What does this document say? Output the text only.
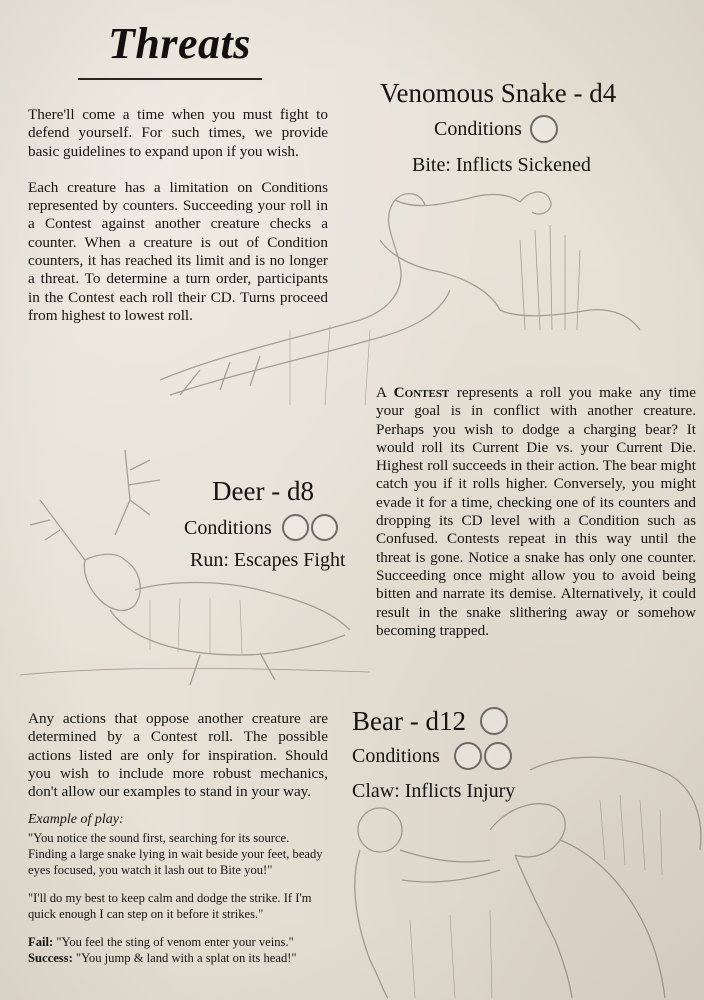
Threats

There'll come a time when you must fight to defend yourself. For such times, we provide basic guidelines to expand upon if you wish.

Each creature has a limitation on Conditions represented by counters. Succeeding your roll in a Contest against another creature checks a counter. When a creature is out of Condition counters, it has reached its limit and is no longer a threat. To determine a turn order, participants in the Contest each roll their CD. Turns proceed from highest to lowest roll.

Venomous Snake - d4
Conditions
Bite: Inflicts Sickened

A Contest represents a roll you make any time your goal is in conflict with another creature. Perhaps you wish to dodge a charging bear? It would roll its Current Die vs. your Current Die. Highest roll succeeds in their action. The bear might catch you if it rolls higher. Conversely, you might evade it for a time, checking one of its counters and dropping its CD level with a Condition such as Confused. Contests repeat in this way until the threat is gone. Notice a snake has only one counter. Succeeding once might allow you to avoid being bitten and narrate its demise. Alternatively, it could result in the snake slithering away or somehow becoming trapped.

Deer - d8
Conditions
Run: Escapes Fight

Any actions that oppose another creature are determined by a Contest roll. The possible actions listed are only for inspiration. Should you wish to include more robust mechanics, don't allow our examples to stand in your way.

Example of play:

"You notice the sound first, searching for its source. Finding a large snake lying in wait beside your feet, beady eyes focused, you watch it lash out to Bite you!"

"I'll do my best to keep calm and dodge the strike. If I'm quick enough I can step on it before it strikes."

Fail: "You feel the sting of venom enter your veins."

Success: "You jump & land with a splat on its head!"

Bear - d12
Conditions
Claw: Inflicts Injury
